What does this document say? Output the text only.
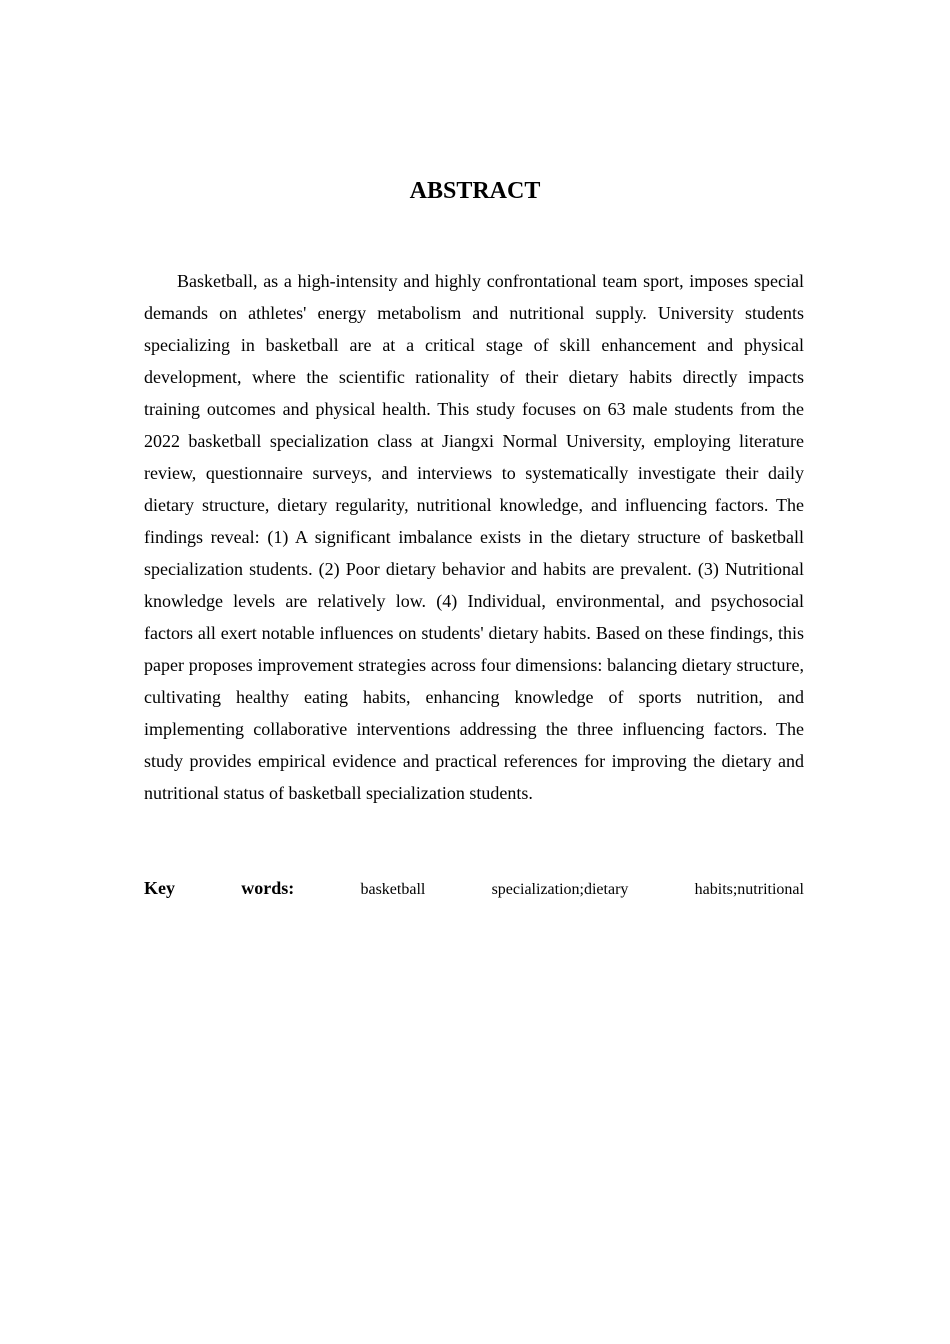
ABSTRACT

Basketball, as a high-intensity and highly confrontational team sport, imposes special demands on athletes' energy metabolism and nutritional supply. University students specializing in basketball are at a critical stage of skill enhancement and physical development, where the scientific rationality of their dietary habits directly impacts training outcomes and physical health. This study focuses on 63 male students from the 2022 basketball specialization class at Jiangxi Normal University, employing literature review, questionnaire surveys, and interviews to systematically investigate their daily dietary structure, dietary regularity, nutritional knowledge, and influencing factors. The findings reveal: (1) A significant imbalance exists in the dietary structure of basketball specialization students. (2) Poor dietary behavior and habits are prevalent. (3) Nutritional knowledge levels are relatively low. (4) Individual, environmental, and psychosocial factors all exert notable influences on students' dietary habits. Based on these findings, this paper proposes improvement strategies across four dimensions: balancing dietary structure, cultivating healthy eating habits, enhancing knowledge of sports nutrition, and implementing collaborative interventions addressing the three influencing factors. The study provides empirical evidence and practical references for improving the dietary and nutritional status of basketball specialization students.

Key	words:	basketball	specialization;dietary	habits;nutritional
